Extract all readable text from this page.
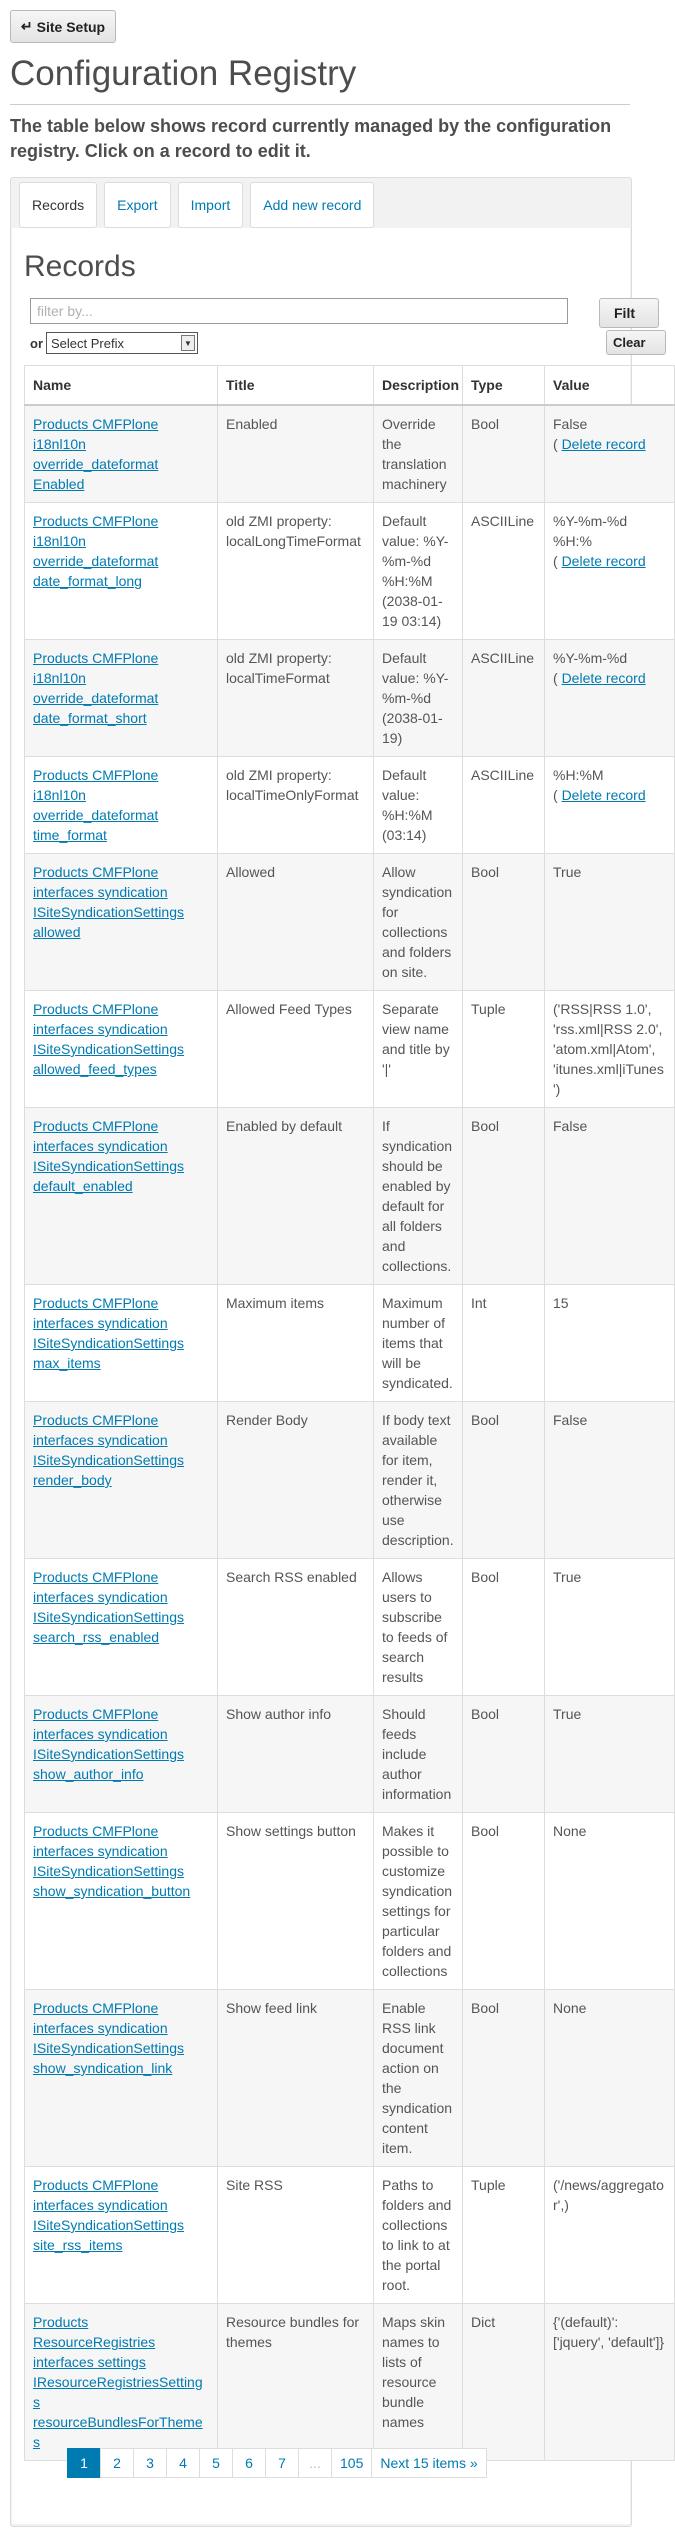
↵ Site Setup
Configuration Registry

The table below shows record currently managed by the configuration registry. Click on a record to edit it.

Records	Export	Import	Add new record
Records
filter by...
Filt
Clear
or Select Prefix	▼
Name	Title	Description	Type	Value
Products CMFPlone i18nl10n override_dateformat Enabled	Enabled	Override the translation machinery	Bool	False
( Delete record

Products CMFPlone i18nl10n override_dateformat date_format_long	old ZMI property: localLongTimeFormat	Default value: %Y-%m-%d %H:%M (2038-01-19 03:14)	ASCIILine	%Y-%m-%d %H:%
( Delete record

Products CMFPlone i18nl10n override_dateformat date_format_short	old ZMI property: localTimeFormat	Default value: %Y-%m-%d (2038-01-19)	ASCIILine	%Y-%m-%d
( Delete record

Products CMFPlone i18nl10n override_dateformat time_format	old ZMI property: localTimeOnlyFormat	Default value: %H:%M (03:14)	ASCIILine	%H:%M
( Delete record

Products CMFPlone interfaces syndication ISiteSyndicationSettings allowed	Allowed	Allow syndication for collections and folders on site.	Bool	True

Products CMFPlone interfaces syndication ISiteSyndicationSettings allowed_feed_types	Allowed Feed Types	Separate view name and title by '|'	Tuple	('RSS|RSS 1.0', 'rss.xml|RSS 2.0', 'atom.xml|Atom', 'itunes.xml|iTunes')

Products CMFPlone interfaces syndication ISiteSyndicationSettings default_enabled	Enabled by default	If syndication should be enabled by default for all folders and collections.	Bool	False

Products CMFPlone interfaces syndication ISiteSyndicationSettings max_items	Maximum items	Maximum number of items that will be syndicated.	Int	15

Products CMFPlone interfaces syndication ISiteSyndicationSettings render_body	Render Body	If body text available for item, render it, otherwise use description.	Bool	False

Products CMFPlone interfaces syndication ISiteSyndicationSettings search_rss_enabled	Search RSS enabled	Allows users to subscribe to feeds of search results	Bool	True

Products CMFPlone interfaces syndication ISiteSyndicationSettings show_author_info	Show author info	Should feeds include author information	Bool	True

Products CMFPlone interfaces syndication ISiteSyndicationSettings show_syndication_button	Show settings button	Makes it possible to customize syndication settings for particular folders and collections	Bool	None

Products CMFPlone interfaces syndication ISiteSyndicationSettings show_syndication_link	Show feed link	Enable RSS link document action on the syndication content item.	Bool	None

Products CMFPlone interfaces syndication ISiteSyndicationSettings site_rss_items	Site RSS	Paths to folders and collections to link to at the portal root.	Tuple	('/news/aggregator',)

Products ResourceRegistries interfaces settings IResourceRegistriesSettings resourceBundlesForThemes	Resource bundles for themes	Maps skin names to lists of resource bundle names	Dict	{'(default)': ['jquery', 'default']}
1	2	3	4	5	6	7	...	105	Next 15 items »
